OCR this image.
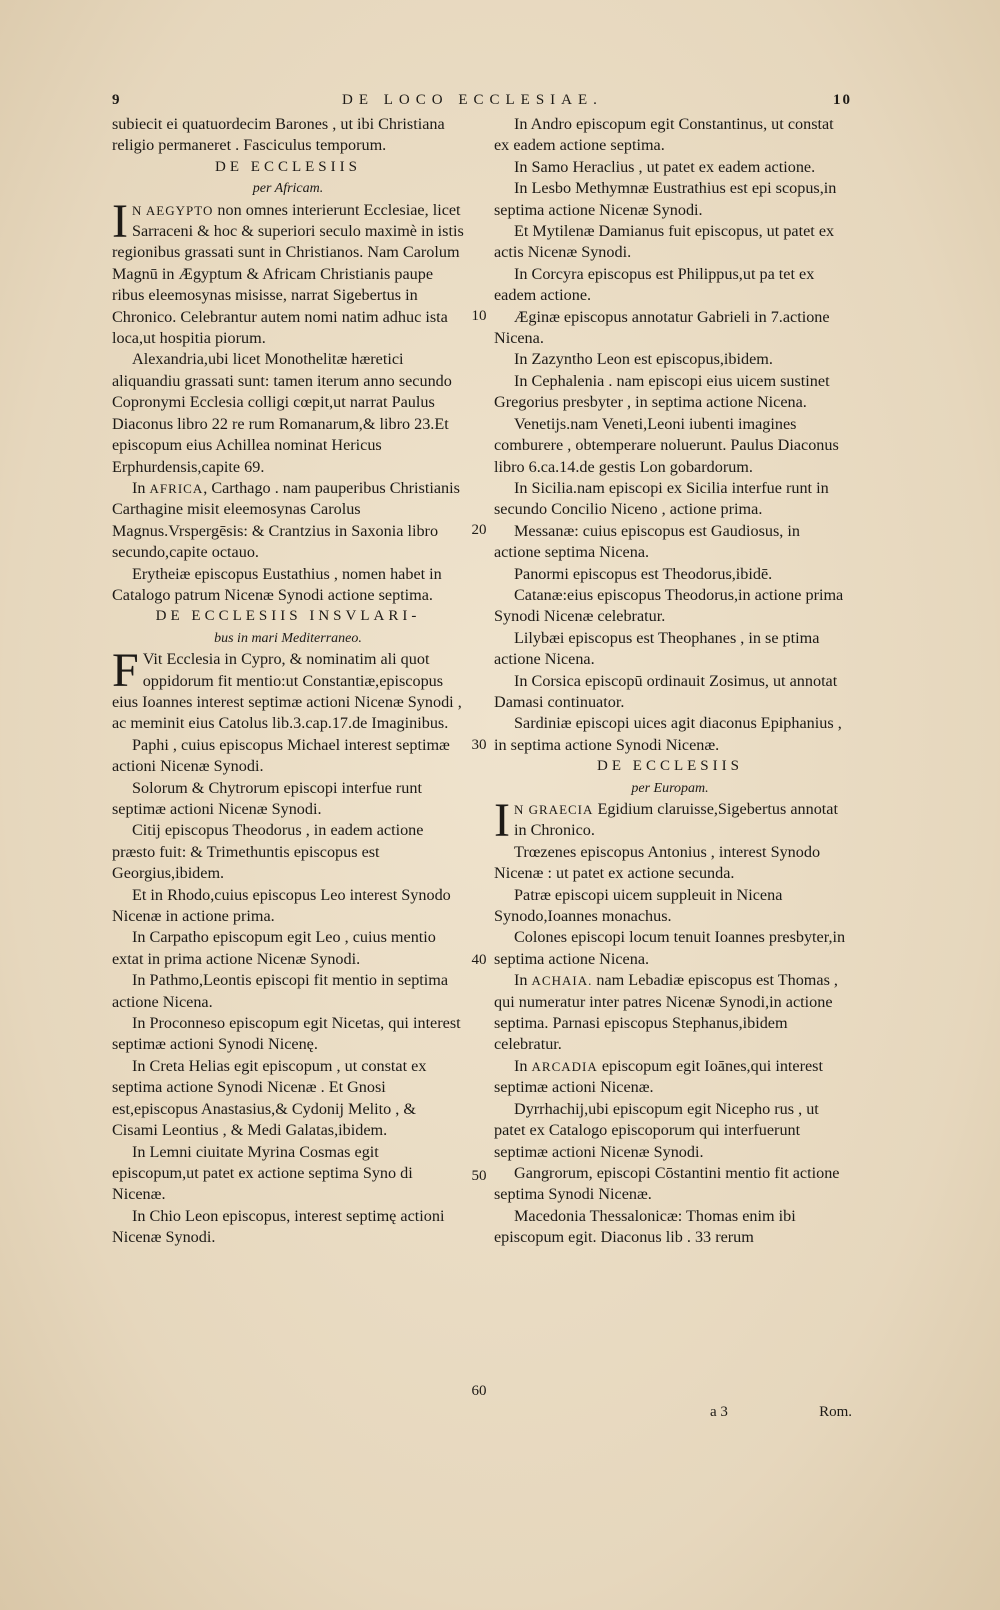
9	DE LOCO ECCLESIAE.	10

subiecit ei quatuordecim Barones , ut ibi Christiana religio permaneret . Fasciculus temporum.

DE ECCLESIIS

per Africam.

I N AEGYPTO non omnes interierunt Ecclesiae, licet Sarraceni & hoc & superiori seculo maximè in istis regionibus grassati sunt in Christianos. Nam Carolum Magnū in Ægyptum & Africam Christianis paupe ribus eleemosynas misisse, narrat Sigebertus in Chronico. Celebrantur autem nomi natim adhuc ista loca,ut hospitia piorum.

Alexandria,ubi licet Monothelitæ hæretici aliquandiu grassati sunt: tamen iterum anno secundo Copronymi Ecclesia colligi cœpit,ut narrat Paulus Diaconus libro 22 re rum Romanarum,& libro 23.Et episcopum eius Achillea nominat Hericus Erphurdensis,capite 69.

In AFRICA, Carthago . nam pauperibus Christianis Carthagine misit eleemosynas Carolus Magnus.Vrspergēsis: & Crantzius in Saxonia libro secundo,capite octauo.

Erytheiæ episcopus Eustathius , nomen habet in Catalogo patrum Nicenæ Synodi actione septima.

DE ECCLESIIS INSVLARI-

bus in mari Mediterraneo.

F Vit Ecclesia in Cypro, & nominatim ali quot oppidorum fit mentio:ut Constantiæ,episcopus eius Ioannes interest septimæ actioni Nicenæ Synodi , ac meminit eius Catolus lib.3.cap.17.de Imaginibus.

Paphi , cuius episcopus Michael interest septimæ actioni Nicenæ Synodi.

Solorum & Chytrorum episcopi interfue runt septimæ actioni Nicenæ Synodi.

Citij episcopus Theodorus , in eadem actione præsto fuit: & Trimethuntis episcopus est Georgius,ibidem.

Et in Rhodo,cuius episcopus Leo interest Synodo Nicenæ in actione prima.

In Carpatho episcopum egit Leo , cuius mentio extat in prima actione Nicenæ Synodi.

In Pathmo,Leontis episcopi fit mentio in septima actione Nicena.

In Proconneso episcopum egit Nicetas, qui interest septimæ actioni Synodi Nicenę.

In Creta Helias egit episcopum , ut constat ex septima actione Synodi Nicenæ . Et Gnosi est,episcopus Anastasius,& Cydonij Melito , & Cisami Leontius , & Medi Galatas,ibidem.

In Lemni ciuitate Myrina Cosmas egit episcopum,ut patet ex actione septima Syno di Nicenæ.

In Chio Leon episcopus, interest septimę actioni Nicenæ Synodi.

10
20
30
40
50
60

In Andro episcopum egit Constantinus, ut constat ex eadem actione septima.

In Samo Heraclius , ut patet ex eadem actione.

In Lesbo Methymnæ Eustrathius est epi scopus,in septima actione Nicenæ Synodi.

Et Mytilenæ Damianus fuit episcopus, ut patet ex actis Nicenæ Synodi.

In Corcyra episcopus est Philippus,ut pa tet ex eadem actione.

Æginæ episcopus annotatur Gabrieli in 7.actione Nicena.

In Zazyntho Leon est episcopus,ibidem.

In Cephalenia . nam episcopi eius uicem sustinet Gregorius presbyter , in septima actione Nicena.

Venetijs.nam Veneti,Leoni iubenti imagines comburere , obtemperare noluerunt. Paulus Diaconus libro 6.ca.14.de gestis Lon gobardorum.

In Sicilia.nam episcopi ex Sicilia interfue runt in secundo Concilio Niceno , actione prima.

Messanæ: cuius episcopus est Gaudiosus, in actione septima Nicena.

Panormi episcopus est Theodorus,ibidē.

Catanæ:eius episcopus Theodorus,in actione prima Synodi Nicenæ celebratur.

Lilybæi episcopus est Theophanes , in se ptima actione Nicena.

In Corsica episcopū ordinauit Zosimus, ut annotat Damasi continuator.

Sardiniæ episcopi uices agit diaconus Epiphanius , in septima actione Synodi Nicenæ.

DE ECCLESIIS

per Europam.

I N GRAECIA Egidium claruisse,Sigebertus annotat in Chronico.

Trœzenes episcopus Antonius , interest Synodo Nicenæ : ut patet ex actione secunda.

Patræ episcopi uicem suppleuit in Nicena Synodo,Ioannes monachus.

Colones episcopi locum tenuit Ioannes presbyter,in septima actione Nicena.

In ACHAIA. nam Lebadiæ episcopus est Thomas , qui numeratur inter patres Nicenæ Synodi,in actione septima. Parnasi episcopus Stephanus,ibidem celebratur.

In ARCADIA episcopum egit Ioānes,qui interest septimæ actioni Nicenæ.

Dyrrhachij,ubi episcopum egit Nicepho rus , ut patet ex Catalogo episcoporum qui interfuerunt septimæ actioni Nicenæ Synodi.

Gangrorum, episcopi Cōstantini mentio fit actione septima Synodi Nicenæ.

Macedonia Thessalonicæ: Thomas enim ibi episcopum egit. Diaconus lib . 33 rerum

a 3	Rom.
